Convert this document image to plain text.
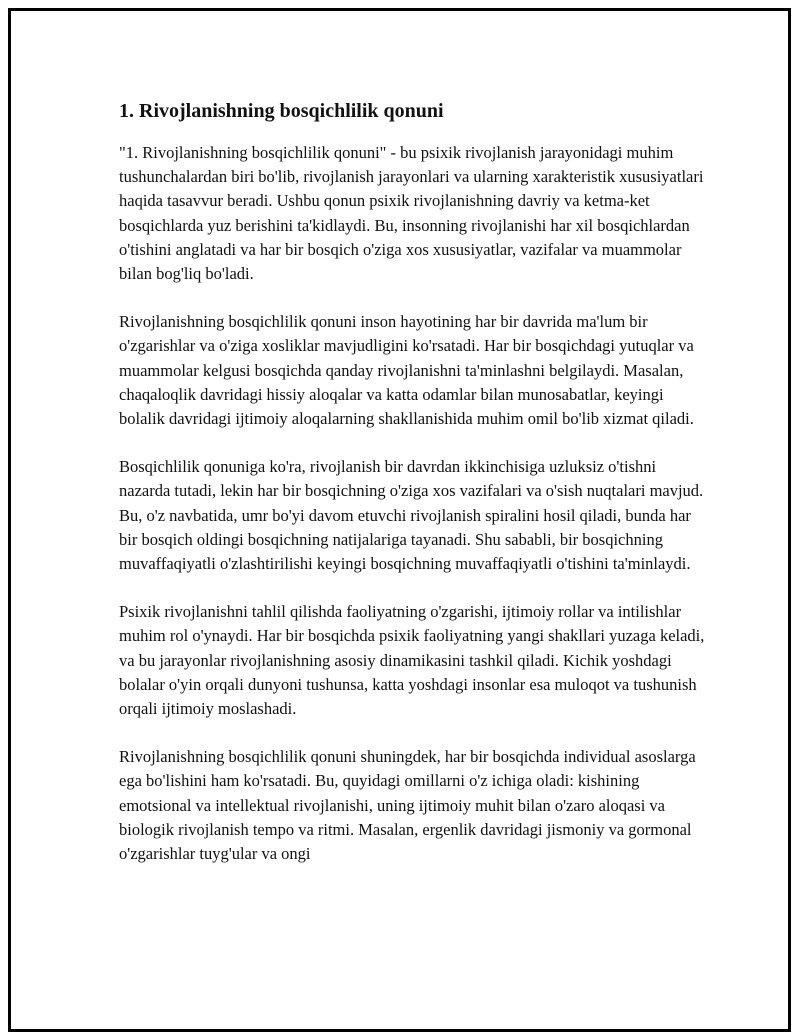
1. Rivojlanishning bosqichlilik qonuni

"1. Rivojlanishning bosqichlilik qonuni" - bu psixik rivojlanish jarayonidagi muhim tushunchalardan biri bo'lib, rivojlanish jarayonlari va ularning xarakteristik xususiyatlari haqida tasavvur beradi. Ushbu qonun psixik rivojlanishning davriy va ketma-ket bosqichlarda yuz berishini ta'kidlaydi. Bu, insonning rivojlanishi har xil bosqichlardan o'tishini anglatadi va har bir bosqich o'ziga xos xususiyatlar, vazifalar va muammolar bilan bog'liq bo'ladi.

Rivojlanishning bosqichlilik qonuni inson hayotining har bir davrida ma'lum bir o'zgarishlar va o'ziga xosliklar mavjudligini ko'rsatadi. Har bir bosqichdagi yutuqlar va muammolar kelgusi bosqichda qanday rivojlanishni ta'minlashni belgilaydi. Masalan, chaqaloqlik davridagi hissiy aloqalar va katta odamlar bilan munosabatlar, keyingi bolalik davridagi ijtimoiy aloqalarning shakllanishida muhim omil bo'lib xizmat qiladi.

Bosqichlilik qonuniga ko'ra, rivojlanish bir davrdan ikkinchisiga uzluksiz o'tishni nazarda tutadi, lekin har bir bosqichning o'ziga xos vazifalari va o'sish nuqtalari mavjud. Bu, o'z navbatida, umr bo'yi davom etuvchi rivojlanish spiralini hosil qiladi, bunda har bir bosqich oldingi bosqichning natijalariga tayanadi. Shu sababli, bir bosqichning muvaffaqiyatli o'zlashtirilishi keyingi bosqichning muvaffaqiyatli o'tishini ta'minlaydi.

Psixik rivojlanishni tahlil qilishda faoliyatning o'zgarishi, ijtimoiy rollar va intilishlar muhim rol o'ynaydi. Har bir bosqichda psixik faoliyatning yangi shakllari yuzaga keladi, va bu jarayonlar rivojlanishning asosiy dinamikasini tashkil qiladi. Kichik yoshdagi bolalar o'yin orqali dunyoni tushunsa, katta yoshdagi insonlar esa muloqot va tushunish orqali ijtimoiy moslashadi.

Rivojlanishning bosqichlilik qonuni shuningdek, har bir bosqichda individual asoslarga ega bo'lishini ham ko'rsatadi. Bu, quyidagi omillarni o'z ichiga oladi: kishining emotsional va intellektual rivojlanishi, uning ijtimoiy muhit bilan o'zaro aloqasi va biologik rivojlanish tempo va ritmi. Masalan, ergenlik davridagi jismoniy va gormonal o'zgarishlar tuyg'ular va ongi
